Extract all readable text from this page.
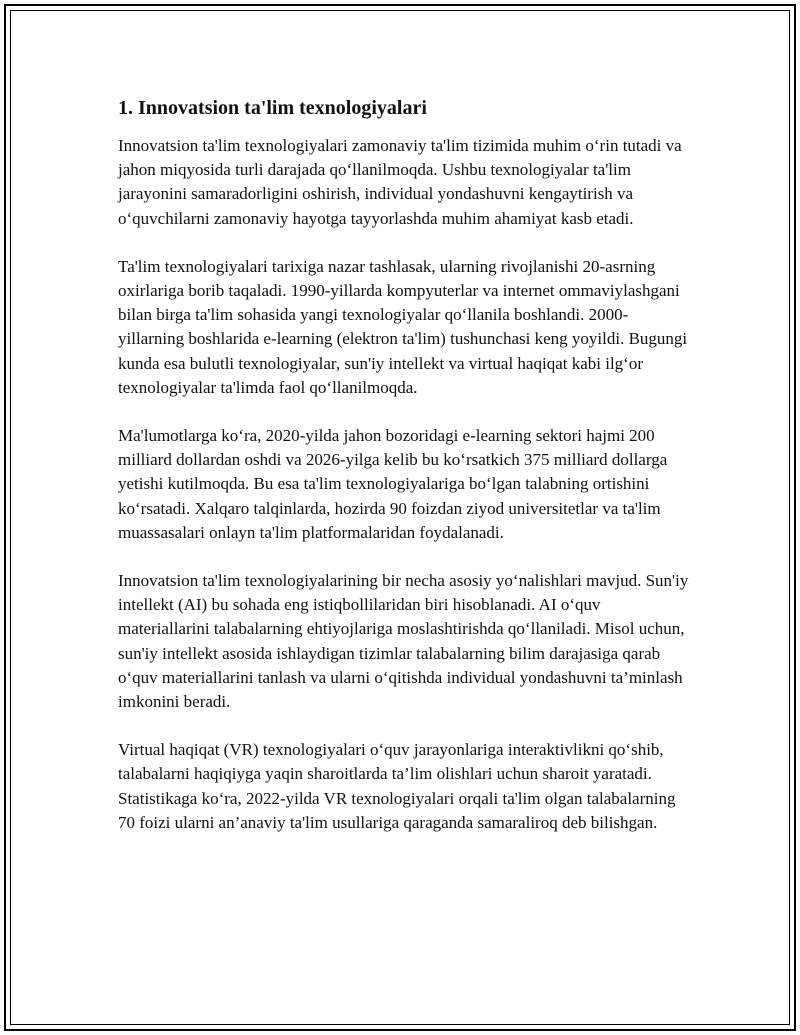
1. Innovatsion ta'lim texnologiyalari

Innovatsion ta'lim texnologiyalari zamonaviy ta'lim tizimida muhim oʻrin tutadi va jahon miqyosida turli darajada qoʻllanilmoqda. Ushbu texnologiyalar ta'lim jarayonini samaradorligini oshirish, individual yondashuvni kengaytirish va oʻquvchilarni zamonaviy hayotga tayyorlashda muhim ahamiyat kasb etadi.

Ta'lim texnologiyalari tarixiga nazar tashlasak, ularning rivojlanishi 20-asrning oxirlariga borib taqaladi. 1990-yillarda kompyuterlar va internet ommaviylashgani bilan birga ta'lim sohasida yangi texnologiyalar qoʻllanila boshlandi. 2000-yillarning boshlarida e-learning (elektron ta'lim) tushunchasi keng yoyildi. Bugungi kunda esa bulutli texnologiyalar, sun'iy intellekt va virtual haqiqat kabi ilgʻor texnologiyalar ta'limda faol qoʻllanilmoqda.

Ma'lumotlarga koʻra, 2020-yilda jahon bozoridagi e-learning sektori hajmi 200 milliard dollardan oshdi va 2026-yilga kelib bu koʻrsatkich 375 milliard dollarga yetishi kutilmoqda. Bu esa ta'lim texnologiyalariga boʻlgan talabning ortishini koʻrsatadi. Xalqaro talqinlarda, hozirda 90 foizdan ziyod universitetlar va ta'lim muassasalari onlayn ta'lim platformalaridan foydalanadi.

Innovatsion ta'lim texnologiyalarining bir necha asosiy yoʻnalishlari mavjud. Sun'iy intellekt (AI) bu sohada eng istiqbollilaridan biri hisoblanadi. AI oʻquv materiallarini talabalarning ehtiyojlariga moslashtirishda qoʻllaniladi. Misol uchun, sun'iy intellekt asosida ishlaydigan tizimlar talabalarning bilim darajasiga qarab oʻquv materiallarini tanlash va ularni oʻqitishda individual yondashuvni ta’minlash imkonini beradi.

Virtual haqiqat (VR) texnologiyalari oʻquv jarayonlariga interaktivlikni qoʻshib, talabalarni haqiqiyga yaqin sharoitlarda ta’lim olishlari uchun sharoit yaratadi. Statistikaga koʻra, 2022-yilda VR texnologiyalari orqali ta'lim olgan talabalarning 70 foizi ularni an’anaviy ta'lim usullariga qaraganda samaraliroq deb bilishgan.
